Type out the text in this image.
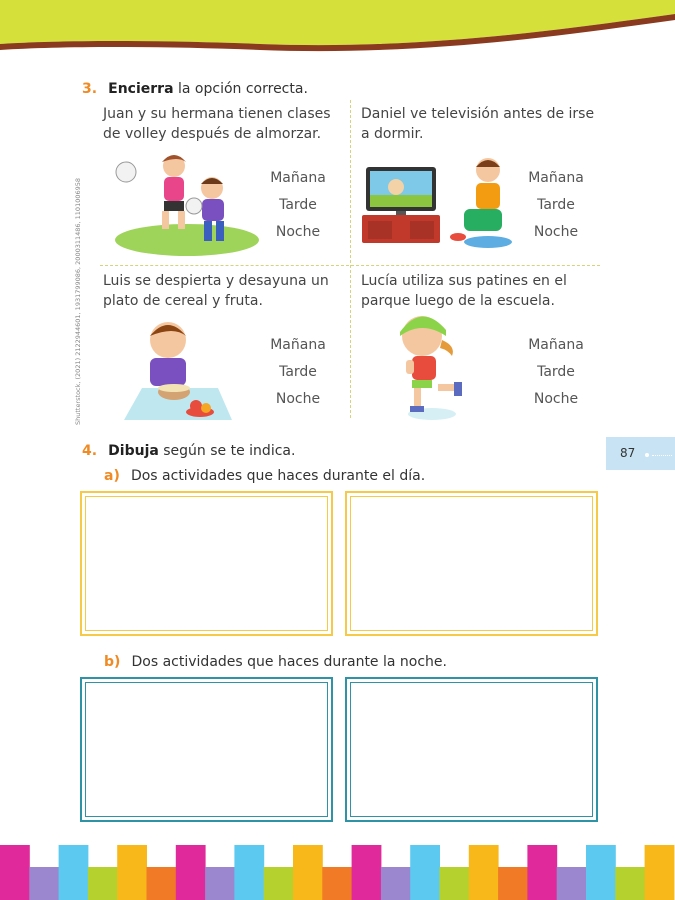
3. Encierra la opción correcta.
Juan y su hermana tienen clases de volley después de almorzar.
Mañana
Tarde
Noche
Daniel ve televisión antes de irse a dormir.
Mañana
Tarde
Noche
Luis se despierta y desayuna un plato de cereal y fruta.
Mañana
Tarde
Noche
Lucía utiliza sus patines en el parque luego de la escuela.
Mañana
Tarde
Noche
Shutterstock, (2021) 2122944601, 1931799086, 2000311486, 1101006958
87
4. Dibuja según se te indica.
a) Dos actividades que haces durante el día.
b) Dos actividades que haces durante la noche.
